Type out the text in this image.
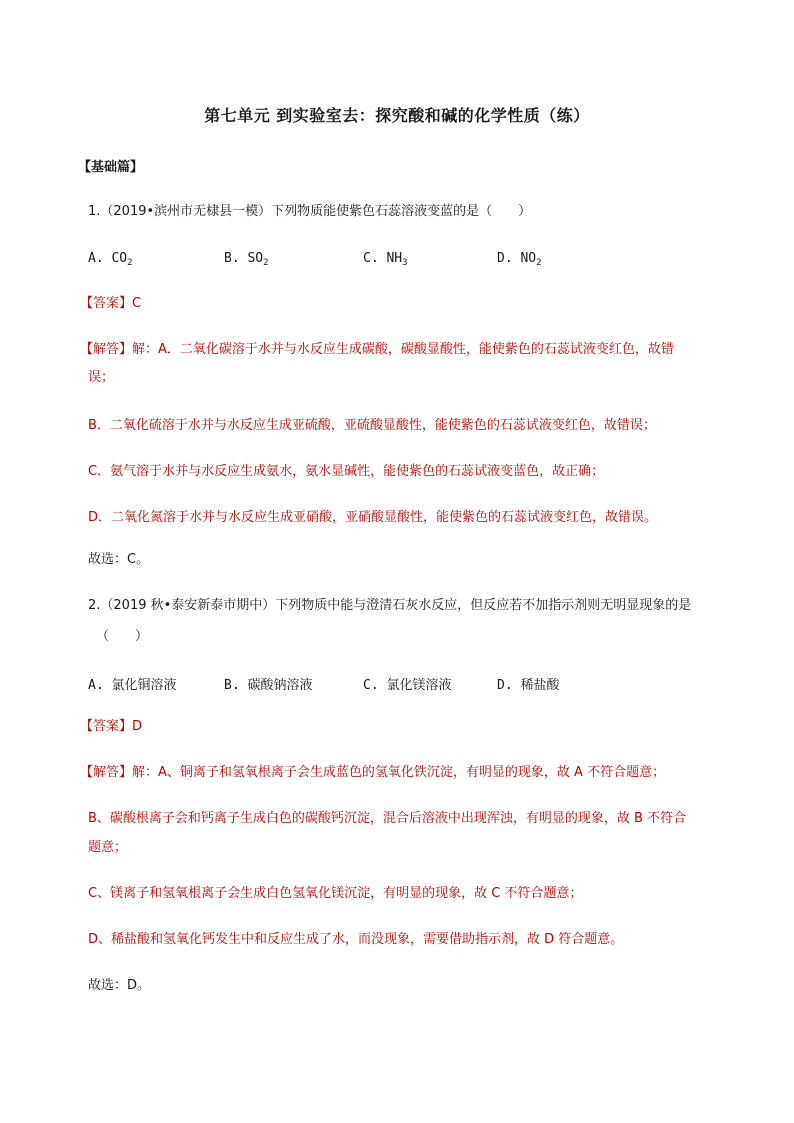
第七单元 到实验室去：探究酸和碱的化学性质（练）
【基础篇】
1.（2019•滨州市无棣县一模）下列物质能使紫色石蕊溶液变蓝的是（　　）
A. $CO_2$	B. $SO_2$	C. $NH_3$	D. $NO_2$
【答案】C
【解答】解：A．二氧化碳溶于水并与水反应生成碳酸，碳酸显酸性，能使紫色的石蕊试液变红色，故错
误；
B．二氧化硫溶于水并与水反应生成亚硫酸，亚硫酸显酸性，能使紫色的石蕊试液变红色，故错误；
C．氨气溶于水并与水反应生成氨水，氨水显碱性，能使紫色的石蕊试液变蓝色，故正确；
D．二氧化氮溶于水并与水反应生成亚硝酸，亚硝酸显酸性，能使紫色的石蕊试液变红色，故错误。
故选：C。
2.（2019 秋•泰安新泰市期中）下列物质中能与澄清石灰水反应，但反应若不加指示剂则无明显现象的是
（　　）
A. 氯化铜溶液	B. 碳酸钠溶液	C. 氯化镁溶液	D. 稀盐酸
【答案】D
【解答】解：A、铜离子和氢氧根离子会生成蓝色的氢氧化铁沉淀，有明显的现象，故 A 不符合题意；
B、碳酸根离子会和钙离子生成白色的碳酸钙沉淀，混合后溶液中出现浑浊，有明显的现象，故 B 不符合
题意；
C、镁离子和氢氧根离子会生成白色氢氧化镁沉淀，有明显的现象，故 C 不符合题意；
D、稀盐酸和氢氧化钙发生中和反应生成了水，而没现象，需要借助指示剂，故 D 符合题意。
故选：D。
